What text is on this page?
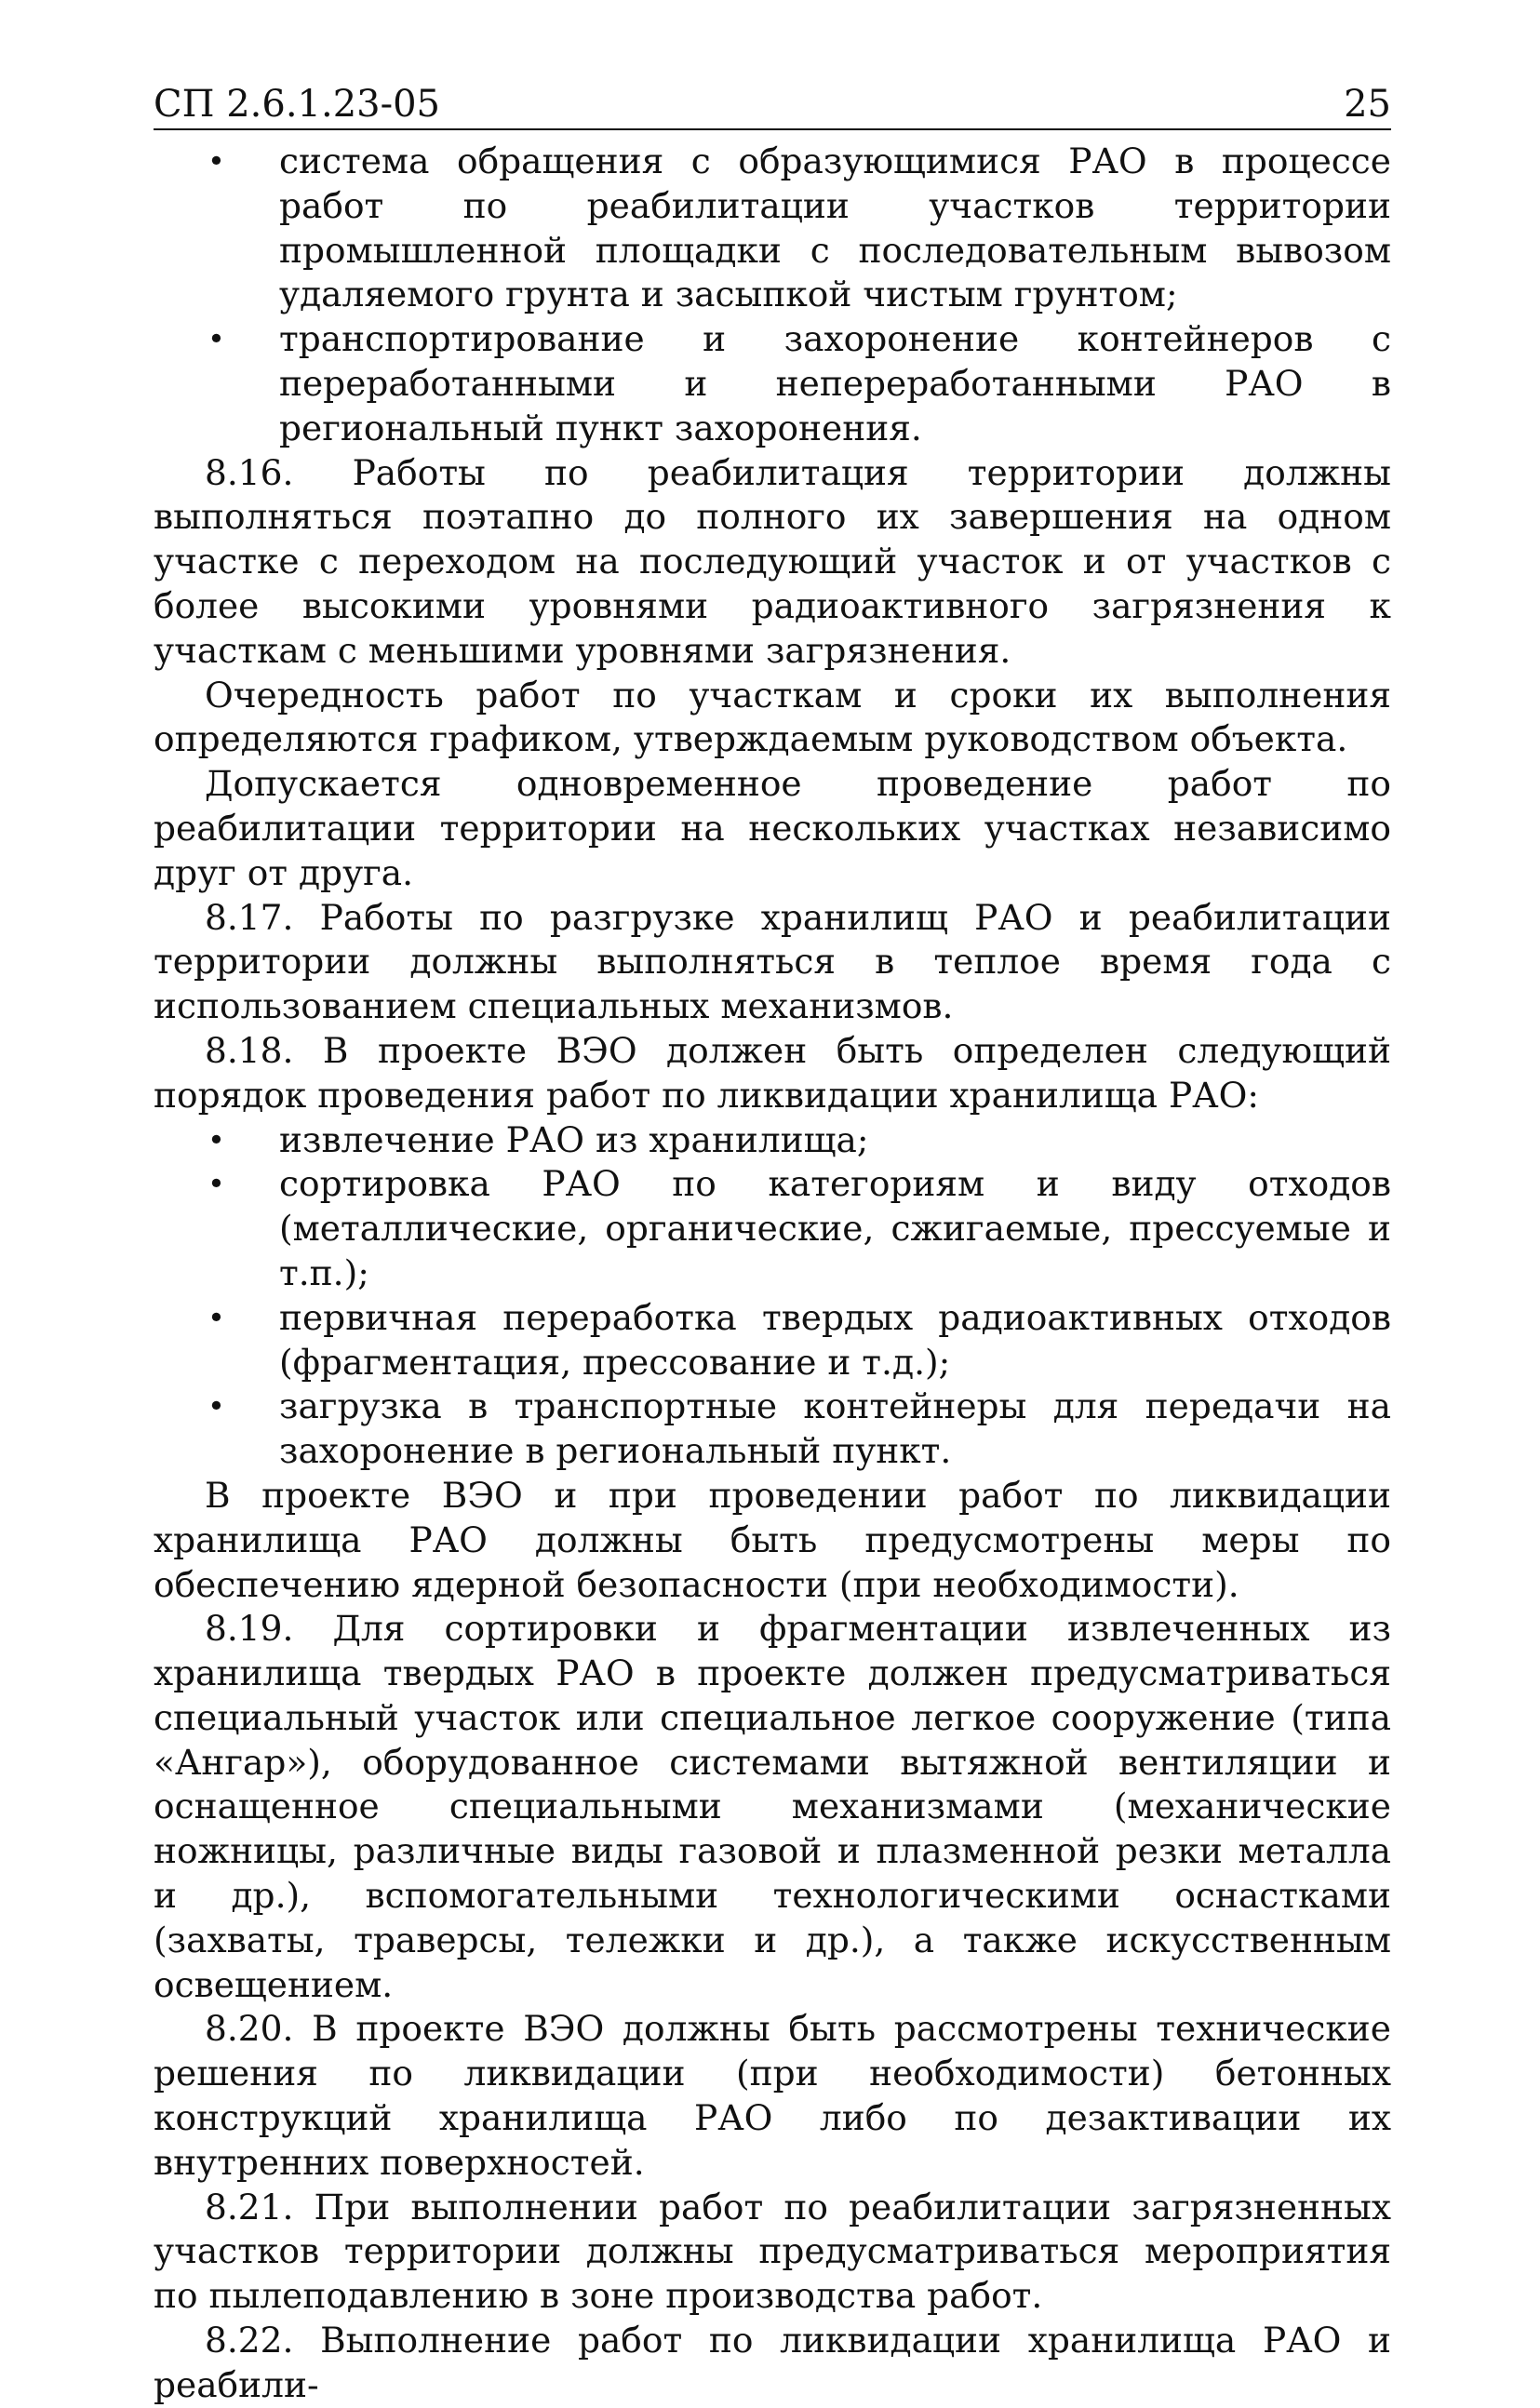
СП 2.6.1.23-05	25
• система обращения с образующимися РАО в процессе работ по реабилитации участков территории промышленной площадки с последовательным вывозом удаляемого грунта и засыпкой чистым грунтом;
• транспортирование и захоронение контейнеров с переработанными и непереработанными РАО в региональный пункт захоронения.

8.16. Работы по реабилитация территории должны выполняться поэтапно до полного их завершения на одном участке с переходом на последующий участок и от участков с более высокими уровнями радиоактивного загрязнения к участкам с меньшими уровнями загрязнения.

Очередность работ по участкам и сроки их выполнения определяются графиком, утверждаемым руководством объекта.

Допускается одновременное проведение работ по реабилитации территории на нескольких участках независимо друг от друга.

8.17. Работы по разгрузке хранилищ РАО и реабилитации территории должны выполняться в теплое время года с использованием специальных механизмов.

8.18. В проекте ВЭО должен быть определен следующий порядок проведения работ по ликвидации хранилища РАО:

• извлечение РАО из хранилища;
• сортировка РАО по категориям и виду отходов (металлические, органические, сжигаемые, прессуемые и т.п.);
• первичная переработка твердых радиоактивных отходов (фрагментация, прессование и т.д.);
• загрузка в транспортные контейнеры для передачи на захоронение в региональный пункт.

В проекте ВЭО и при проведении работ по ликвидации хранилища РАО должны быть предусмотрены меры по обеспечению ядерной безопасности (при необходимости).

8.19. Для сортировки и фрагментации извлеченных из хранилища твердых РАО в проекте должен предусматриваться специальный участок или специальное легкое сооружение (типа «Ангар»), оборудованное системами вытяжной вентиляции и оснащенное специальными механизмами (механические ножницы, различные виды газовой и плазменной резки металла и др.), вспомогательными технологическими оснастками (захваты, траверсы, тележки и др.), а также искусственным освещением.

8.20. В проекте ВЭО должны быть рассмотрены технические решения по ликвидации (при необходимости) бетонных конструкций хранилища РАО либо по дезактивации их внутренних поверхностей.

8.21. При выполнении работ по реабилитации загрязненных участков территории должны предусматриваться мероприятия по пылеподавлению в зоне производства работ.

8.22. Выполнение работ по ликвидации хранилища РАО и реабили-
